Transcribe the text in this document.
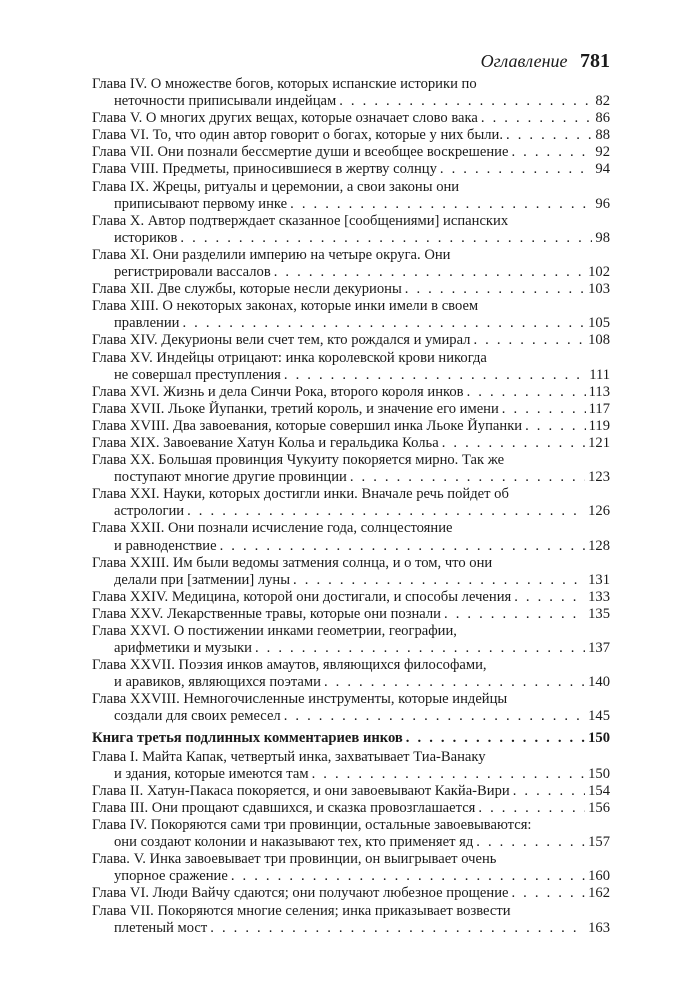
Оглавление 781
Глава IV. О множестве богов, которых испанские историки по
неточности приписывали индейцам . . .	82
Глава V. О многих других вещах, которые означает слово вака . . .	86
Глава VI. То, что один автор говорит о богах, которые у них были. . . .	88
Глава VII. Они познали бессмертие души и всеобщее воскрешение . . .	92
Глава VIII. Предметы, приносившиеся в жертву солнцу . . .	94
Глава IX. Жрецы, ритуалы и церемонии, а свои законы они
приписывают первому инке . . .	96
Глава X. Автор подтверждает сказанное [сообщениями] испанских
историков . . .	98
Глава XI. Они разделили империю на четыре округа. Они
регистрировали вассалов . . .	102
Глава XII. Две службы, которые несли декурионы . . .	103
Глава XIII. О некоторых законах, которые инки имели в своем
правлении . . .	105
Глава XIV. Декурионы вели счет тем, кто рождался и умирал . . .	108
Глава XV. Индейцы отрицают: инка королевской крови никогда
не совершал преступления . . .	111
Глава XVI. Жизнь и дела Синчи Рока, второго короля инков . . .	113
Глава XVII. Льоке Йупанки, третий король, и значение его имени . . .	117
Глава XVIII. Два завоевания, которые совершил инка Льоке Йупанки . . .	119
Глава XIX. Завоевание Хатун Кольа и геральдика Кольа . . .	121
Глава XX. Большая провинция Чукуиту покоряется мирно. Так же
поступают многие другие провинции . . .	123
Глава XXI. Науки, которых достигли инки. Вначале речь пойдет об
астрологии . . .	126
Глава XXII. Они познали исчисление года, солнцестояние
и равноденствие . . .	128
Глава XXIII. Им были ведомы затмения солнца, и о том, что они
делали при [затмении] луны . . .	131
Глава XXIV. Медицина, которой они достигали, и способы лечения . . .	133
Глава XXV. Лекарственные травы, которые они познали . . .	135
Глава XXVI. О постижении инками геометрии, географии,
арифметики и музыки . . .	137
Глава XXVII. Поэзия инков амаутов, являющихся философами,
и аравиков, являющихся поэтами . . .	140
Глава XXVIII. Немногочисленные инструменты, которые индейцы
создали для своих ремесел . . .	145
Книга третья подлинных комментариев инков . . .	150
Глава I. Майта Капак, четвертый инка, захватывает Тиа-Ванаку
и здания, которые имеются там . . .	150
Глава II. Хатун-Пакаса покоряется, и они завоевывают Какйа-Вири . . .	154
Глава III. Они прощают сдавшихся, и сказка провозглашается . . .	156
Глава IV. Покоряются сами три провинции, остальные завоевываются:
они создают колонии и наказывают тех, кто применяет яд . . .	157
Глава. V. Инка завоевывает три провинции, он выигрывает очень
упорное сражение . . .	160
Глава VI. Люди Вайчу сдаются; они получают любезное прощение . . .	162
Глава VII. Покоряются многие селения; инка приказывает возвести
плетеный мост . . .	163
